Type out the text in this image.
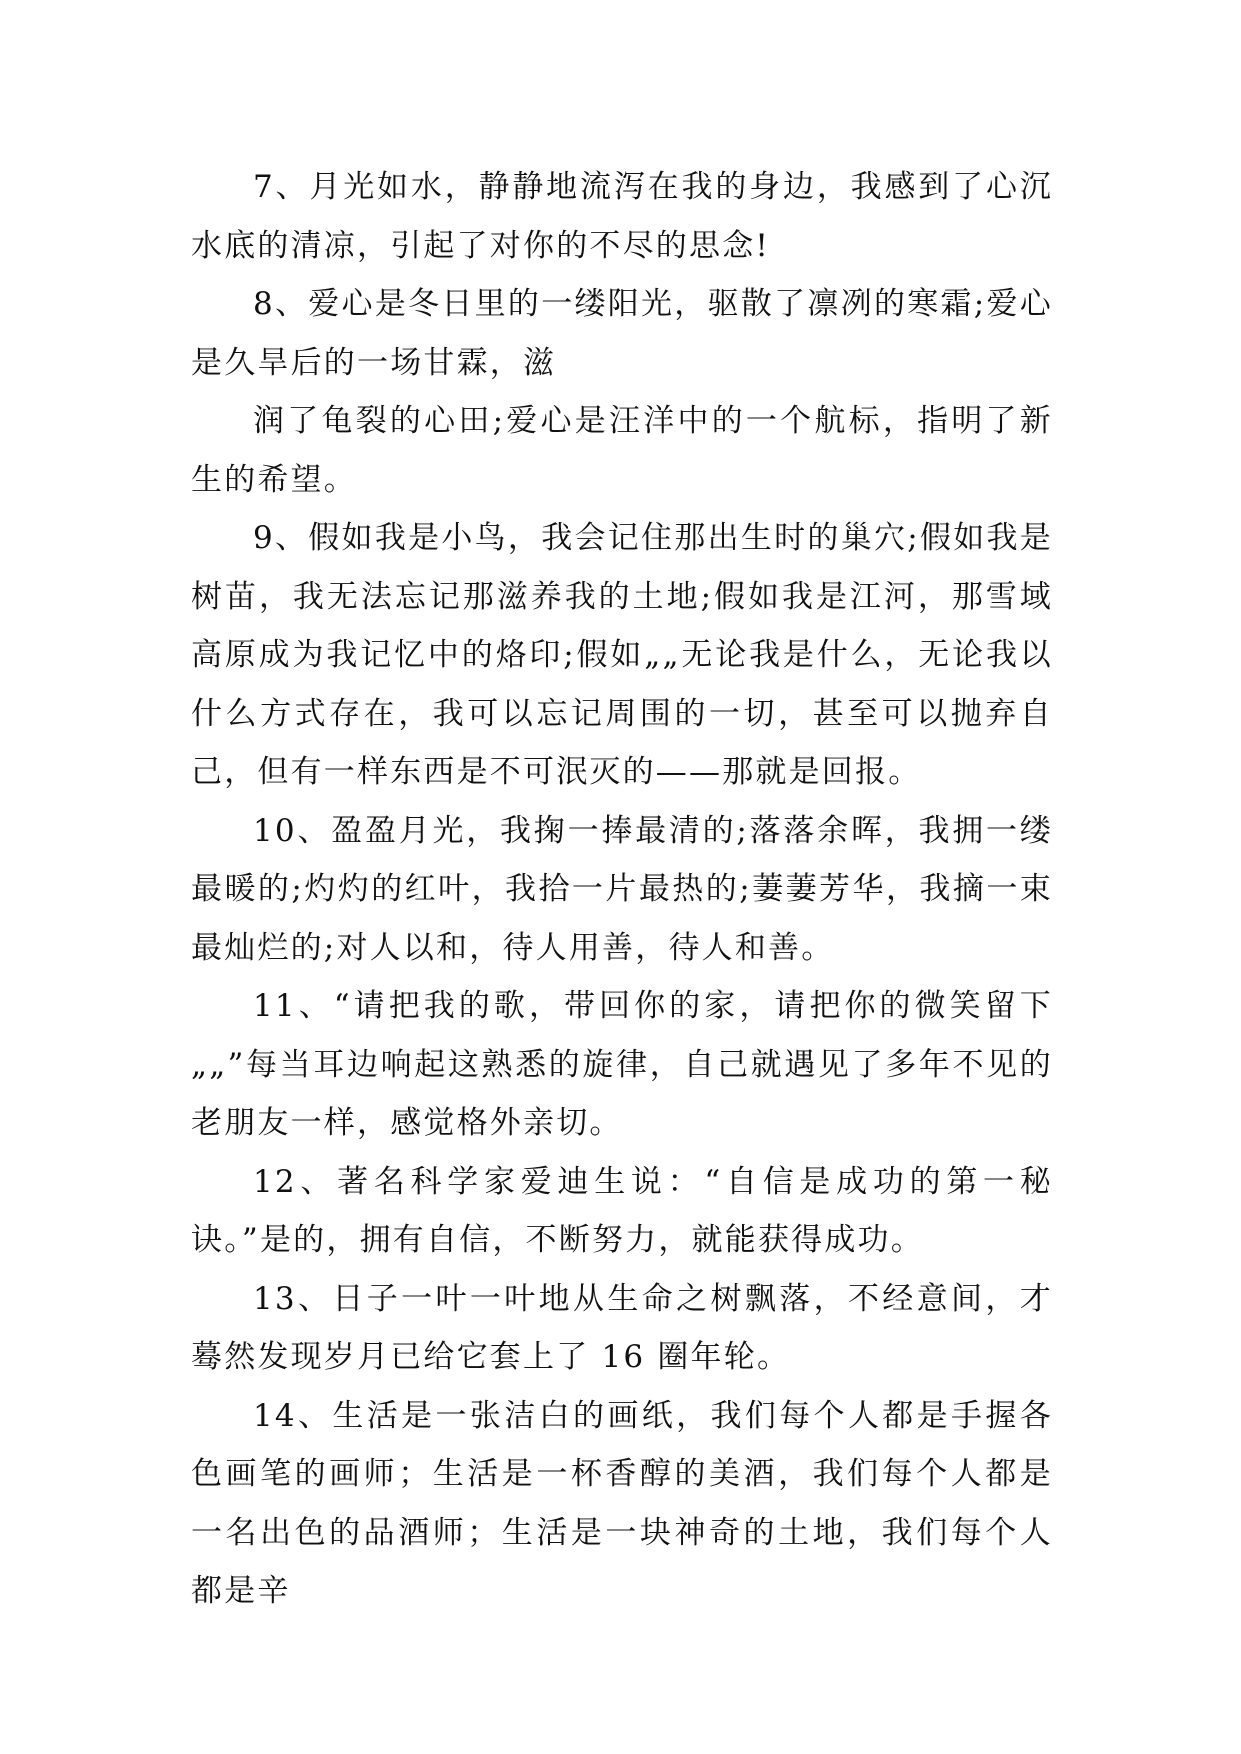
7、月光如水，静静地流泻在我的身边，我感到了心沉水底的清凉，引起了对你的不尽的思念!

8、爱心是冬日里的一缕阳光，驱散了凛冽的寒霜;爱心是久旱后的一场甘霖，滋

润了龟裂的心田;爱心是汪洋中的一个航标，指明了新生的希望。

9、假如我是小鸟，我会记住那出生时的巢穴;假如我是树苗，我无法忘记那滋养我的土地;假如我是江河，那雪域高原成为我记忆中的烙印;假如„„无论我是什么，无论我以什么方式存在，我可以忘记周围的一切，甚至可以抛弃自己，但有一样东西是不可泯灭的——那就是回报。

10、盈盈月光，我掬一捧最清的;落落余晖，我拥一缕最暖的;灼灼的红叶，我拾一片最热的;萋萋芳华，我摘一束最灿烂的;对人以和，待人用善，待人和善。

11、“请把我的歌，带回你的家，请把你的微笑留下„„”每当耳边响起这熟悉的旋律，自己就遇见了多年不见的老朋友一样，感觉格外亲切。

12、著名科学家爱迪生说：“自信是成功的第一秘诀。”是的，拥有自信，不断努力，就能获得成功。

13、日子一叶一叶地从生命之树飘落，不经意间，才蓦然发现岁月已给它套上了 16 圈年轮。

14、生活是一张洁白的画纸，我们每个人都是手握各色画笔的画师；生活是一杯香醇的美酒，我们每个人都是一名出色的品酒师；生活是一块神奇的土地，我们每个人都是辛
